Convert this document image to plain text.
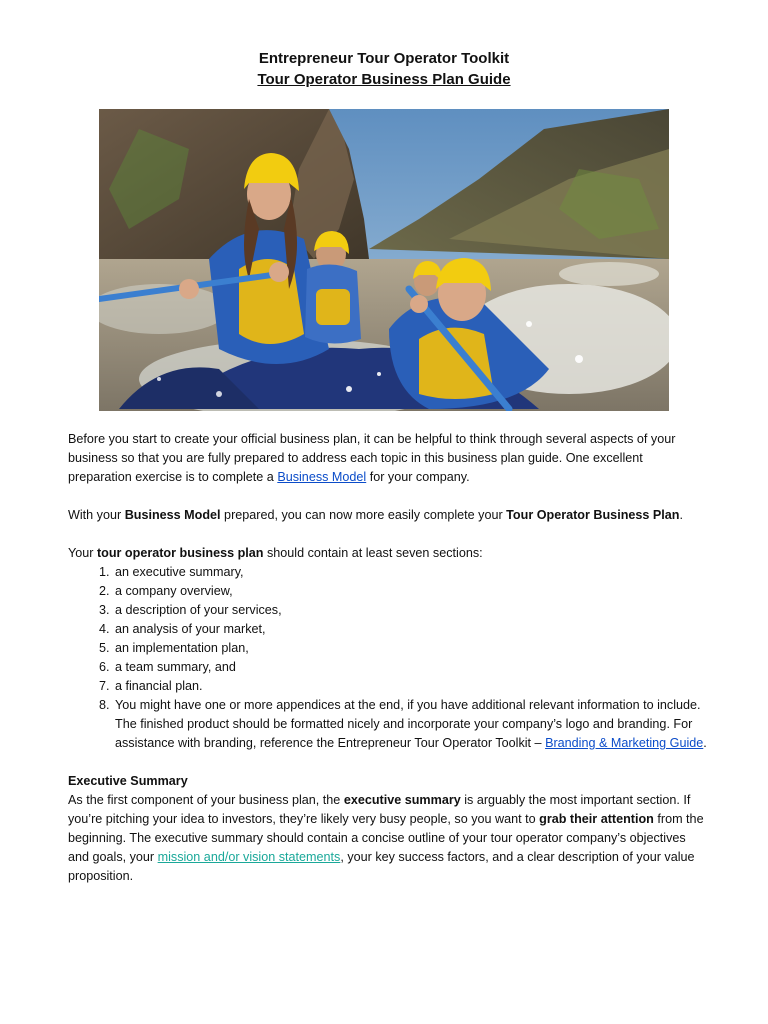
Entrepreneur Tour Operator Toolkit
Tour Operator Business Plan Guide

Before you start to create your official business plan, it can be helpful to think through several aspects of your business so that you are fully prepared to address each topic in this business plan guide. One excellent preparation exercise is to complete a Business Model for your company.

With your Business Model prepared, you can now more easily complete your Tour Operator Business Plan.

Your tour operator business plan should contain at least seven sections:

1. an executive summary,
2. a company overview,
3. a description of your services,
4. an analysis of your market,
5. an implementation plan,
6. a team summary, and
7. a financial plan.
8. You might have one or more appendices at the end, if you have additional relevant information to include. The finished product should be formatted nicely and incorporate your company’s logo and branding. For assistance with branding, reference the Entrepreneur Tour Operator Toolkit – Branding & Marketing Guide.
Executive Summary

As the first component of your business plan, the executive summary is arguably the most important section. If you’re pitching your idea to investors, they’re likely very busy people, so you want to grab their attention from the beginning. The executive summary should contain a concise outline of your tour operator company’s objectives and goals, your mission and/or vision statements, your key success factors, and a clear description of your value proposition.
